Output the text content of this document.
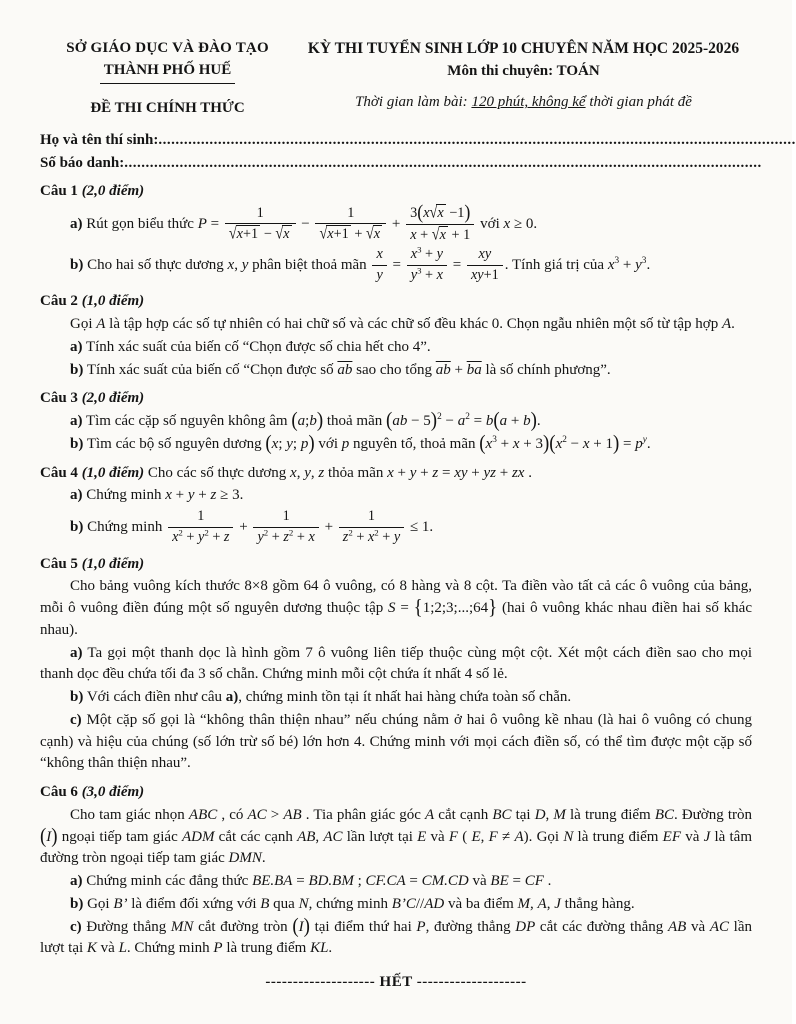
SỞ GIÁO DỤC VÀ ĐÀO TẠO
THÀNH PHỐ HUẾ
ĐỀ THI CHÍNH THỨC
KỲ THI TUYỂN SINH LỚP 10 CHUYÊN NĂM HỌC 2025-2026
Môn thi chuyên: TOÁN
Thời gian làm bài: 120 phút, không kể thời gian phát đề
Họ và tên thí sinh: ......................................................................................................................................................
Số báo danh: ......................................................................................................................................................
Câu 1 (2,0 điểm)
a) Rút gọn biểu thức $P = \frac{1}{√x+1 - √x} - \frac{1}{√x+1 + √x} + \frac{3(x√x -1)}{x + √x + 1}$ với x ≥ 0.
b) Cho hai số thực dương x, y phân biệt thoả mãn $\frac{x}{y} = \frac{x^3 + y}{y^3 + x} = \frac{xy}{xy+1}$ . Tính giá trị của $x^3 + y^3$.
Câu 2 (1,0 điểm)
Gọi A là tập hợp các số tự nhiên có hai chữ số và các chữ số đều khác 0. Chọn ngẫu nhiên một số từ tập hợp A.
a) Tính xác suất của biến cố “Chọn được số chia hết cho 4”.
b) Tính xác suất của biến cố “Chọn được số $\overline{ab}$ sao cho tổng $\overline{ab} + \overline{ba}$ là số chính phương”.
Câu 3 (2,0 điểm)
a) Tìm các cặp số nguyên không âm (a;b) thoả mãn $(ab - 5)^2 - a^2 = b(a + b)$.
b) Tìm các bộ số nguyên dương (x; y; p) với p nguyên tố, thoả mãn $(x^3 + x + 3)(x^2 - x + 1) = p^y$.
Câu 4 (1,0 điểm) Cho các số thực dương x, y, z thỏa mãn x + y + z = xy + yz + zx .
a) Chứng minh x + y + z ≥ 3.
b) Chứng minh $\frac{1}{x^2 + y^2 + z} + \frac{1}{y^2 + z^2 + x} + \frac{1}{z^2 + x^2 + y} \le 1$.
Câu 5 (1,0 điểm)
Cho bảng vuông kích thước 8×8 gồm 64 ô vuông, có 8 hàng và 8 cột. Ta điền vào tất cả các ô vuông của bảng, mỗi ô vuông điền đúng một số nguyên dương thuộc tập S = {1;2;3;...;64} (hai ô vuông khác nhau điền hai số khác nhau).
a) Ta gọi một thanh dọc là hình gồm 7 ô vuông liên tiếp thuộc cùng một cột. Xét một cách điền sao cho mọi thanh dọc đều chứa tối đa 3 số chẵn. Chứng minh mỗi cột chứa ít nhất 4 số lẻ.
b) Với cách điền như câu a), chứng minh tồn tại ít nhất hai hàng chứa toàn số chẵn.
c) Một cặp số gọi là “không thân thiện nhau” nếu chúng nằm ở hai ô vuông kề nhau (là hai ô vuông có chung cạnh) và hiệu của chúng (số lớn trừ số bé) lớn hơn 4. Chứng minh với mọi cách điền số, có thể tìm được một cặp số “không thân thiện nhau”.
Câu 6 (3,0 điểm)
Cho tam giác nhọn ABC , có AC > AB . Tia phân giác góc A cắt cạnh BC tại D, M là trung điểm BC. Đường tròn (I) ngoại tiếp tam giác ADM cắt các cạnh AB, AC lần lượt tại E và F ( E, F ≠ A). Gọi N là trung điểm EF và J là tâm đường tròn ngoại tiếp tam giác DMN.
a) Chứng minh các đẳng thức BE.BA = BD.BM ; CF.CA = CM.CD và BE = CF .
b) Gọi B’ là điểm đối xứng với B qua N, chứng minh B’C//AD và ba điểm M, A, J thẳng hàng.
c) Đường thẳng MN cắt đường tròn (I) tại điểm thứ hai P, đường thẳng DP cắt các đường thẳng AB và AC lần lượt tại K và L. Chứng minh P là trung điểm KL.
-------------------- HẾT --------------------
